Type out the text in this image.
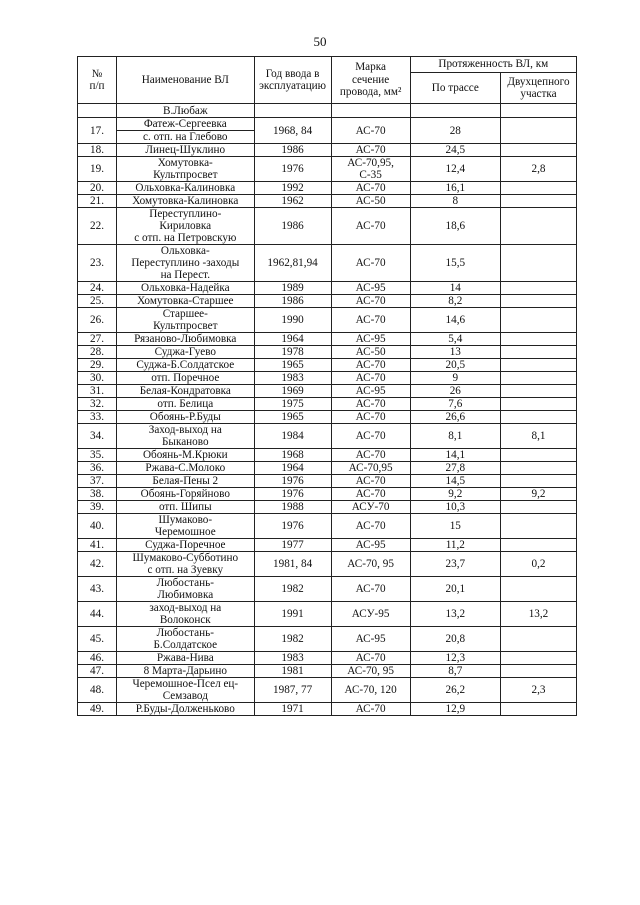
50
№
п/п	Наименование ВЛ	Год ввода в
эксплуатацию	Марка
сечение
провода, мм²	Протяженность ВЛ, км	
				По трассе	Двухцепного
участка
	В.Любаж				
17.	Фатеж-Сергеевка
с. отп. на Глебово	1968, 84	АС-70	28	
18.	Линец-Шуклино	1986	АС-70	24,5	
19.	Хомутовка-
Культпросвет	1976	АС-70,95,
С-35	12,4	2,8
20.	Ольховка-Калиновка	1992	АС-70	16,1	
21.	Хомутовка-Калиновка	1962	АС-50	8	
22.	Переступлино-
Кириловка
с отп. на Петровскую	1986	АС-70	18,6	
23.	Ольховка-
Переступлино -заходы
на Перест.	1962,81,94	АС-70	15,5	
24.	Ольховка-Надейка	1989	АС-95	14	
25.	Хомутовка-Старшее	1986	АС-70	8,2	
26.	Старшее-
Культпросвет	1990	АС-70	14,6	
27.	Рязаново-Любимовка	1964	АС-95	5,4	
28.	Суджа-Гуево	1978	АС-50	13	
29.	Суджа-Б.Солдатское	1965	АС-70	20,5	
30.	отп. Поречное	1983	АС-70	9	
31.	Белая-Кондратовка	1969	АС-95	26	
32.	отп. Белица	1975	АС-70	7,6	
33.	Обоянь-Р.Буды	1965	АС-70	26,6	
34.	Заход-выход на
Быканово	1984	АС-70	8,1	8,1
35.	Обоянь-М.Крюки	1968	АС-70	14,1	
36.	Ржава-С.Молоко	1964	АС-70,95	27,8	
37.	Белая-Пены 2	1976	АС-70	14,5	
38.	Обоянь-Горяйново	1976	АС-70	9,2	9,2
39.	отп. Шипы	1988	АСУ-70	10,3	
40.	Шумаково-
Черемошное	1976	АС-70	15	
41.	Суджа-Поречное	1977	АС-95	11,2	
42.	Шумаково-Субботино
с отп. на Зуевку	1981, 84	АС-70, 95	23,7	0,2
43.	Любостань-
Любимовка	1982	АС-70	20,1	
44.	заход-выход на
Волоконск	1991	АСУ-95	13,2	13,2
45.	Любостань-
Б.Солдатское	1982	АС-95	20,8	
46.	Ржава-Нива	1983	АС-70	12,3	
47.	8 Марта-Дарьино	1981	АС-70, 95	8,7	
48.	Черемошное-Псел ец-
Семзавод	1987, 77	АС-70, 120	26,2	2,3
49.	Р.Буды-Долженьково	1971	АС-70	12,9	
